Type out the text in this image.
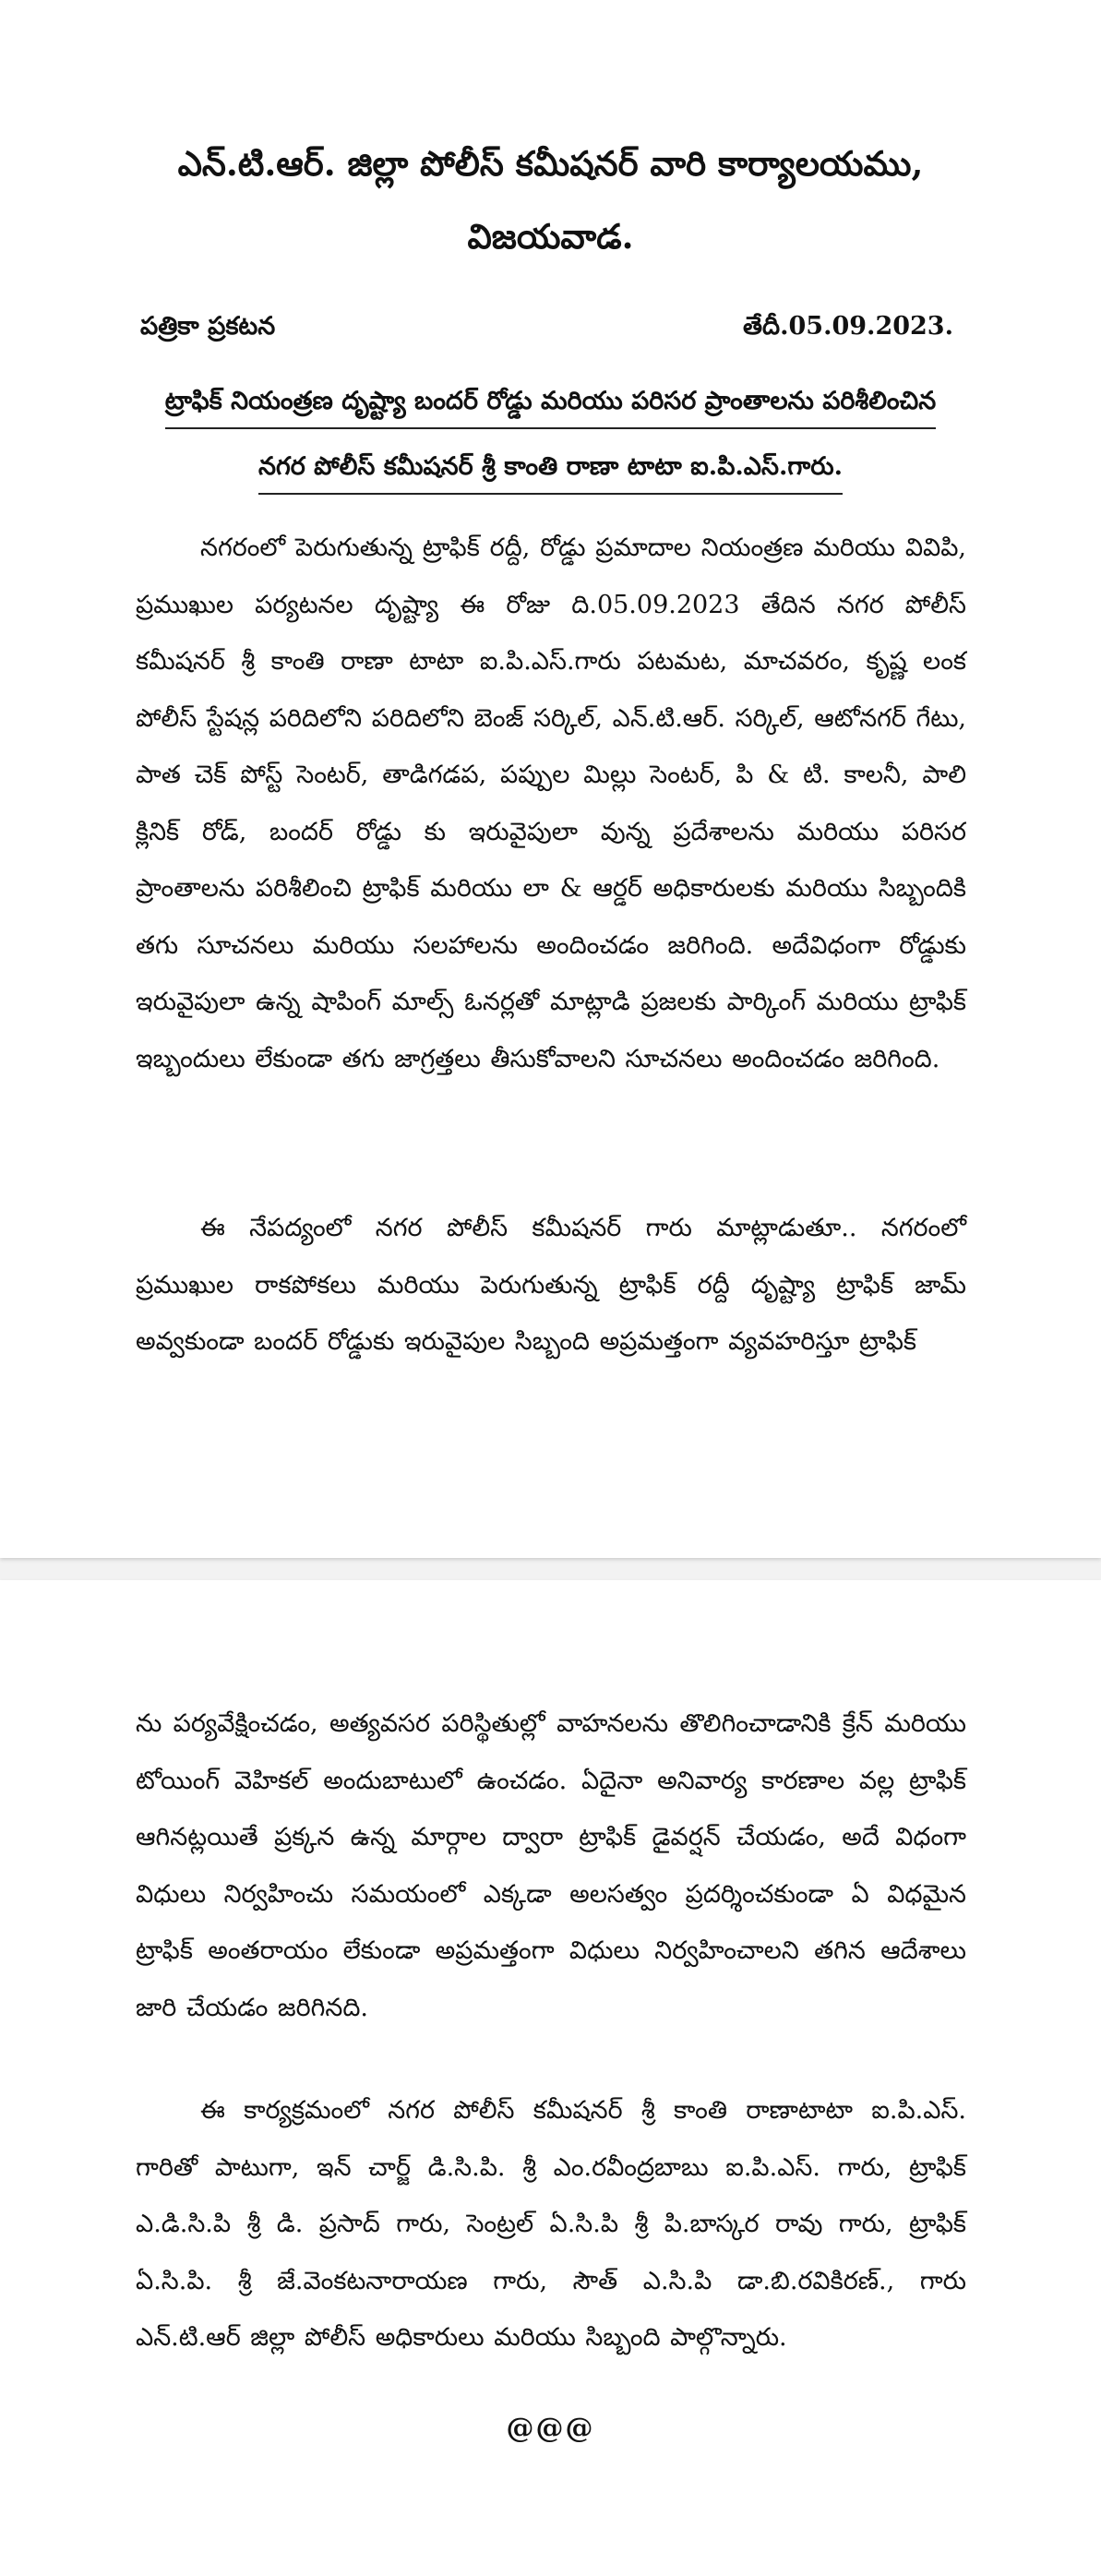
ఎన్.టి.ఆర్. జిల్లా పోలీస్ కమీషనర్ వారి కార్యాలయము,
విజయవాడ.
పత్రికా ప్రకటన	తేదీ.05.09.2023.
ట్రాఫిక్ నియంత్రణ దృష్ట్యా బందర్ రోడ్డు మరియు పరిసర ప్రాంతాలను పరిశీలించిన
నగర పోలీస్ కమీషనర్ శ్రీ కాంతి రాణా టాటా ఐ.పి.ఎస్.గారు.
నగరంలో పెరుగుతున్న ట్రాఫిక్ రద్దీ, రోడ్డు ప్రమాదాల నియంత్రణ మరియు వివిపి, ప్రముఖుల పర్యటనల దృష్ట్యా ఈ రోజు ది.05.09.2023 తేదిన నగర పోలీస్ కమీషనర్ శ్రీ కాంతి రాణా టాటా ఐ.పి.ఎస్.గారు పటమట, మాచవరం, కృష్ణ లంక పోలీస్ స్టేషన్ల పరిదిలోని పరిదిలోని బెంజ్ సర్కిల్, ఎన్.టి.ఆర్. సర్కిల్, ఆటోనగర్ గేటు, పాత చెక్ పోస్ట్ సెంటర్, తాడిగడప, పప్పుల మిల్లు సెంటర్, పి & టి. కాలనీ, పాలి క్లినిక్ రోడ్, బందర్ రోడ్డు కు ఇరువైపులా వున్న ప్రదేశాలను మరియు పరిసర ప్రాంతాలను పరిశీలించి ట్రాఫిక్ మరియు లా & ఆర్డర్ అధికారులకు మరియు సిబ్బందికి తగు సూచనలు మరియు సలహాలను అందించడం జరిగింది. అదేవిధంగా రోడ్డుకు ఇరువైపులా ఉన్న షాపింగ్ మాల్స్ ఓనర్లతో మాట్లాడి ప్రజలకు పార్కింగ్ మరియు ట్రాఫిక్ ఇబ్బందులు లేకుండా తగు జాగ్రత్తలు తీసుకోవాలని సూచనలు అందించడం జరిగింది.
ఈ నేపద్యంలో నగర పోలీస్ కమీషనర్ గారు మాట్లాడుతూ.. నగరంలో ప్రముఖుల రాకపోకలు మరియు పెరుగుతున్న ట్రాఫిక్ రద్దీ దృష్ట్యా ట్రాఫిక్ జామ్ అవ్వకుండా బందర్ రోడ్డుకు ఇరువైపుల సిబ్బంది అప్రమత్తంగా వ్యవహరిస్తూ ట్రాఫిక్
ను పర్యవేక్షించడం, అత్యవసర పరిస్థితుల్లో వాహనలను తొలిగించాడానికి క్రేన్ మరియు టోయింగ్ వెహికల్ అందుబాటులో ఉంచడం. ఏదైనా అనివార్య కారణాల వల్ల ట్రాఫిక్ ఆగినట్లయితే ప్రక్కన ఉన్న మార్గాల ద్వారా ట్రాఫిక్ డైవర్షన్ చేయడం, అదే విధంగా విధులు నిర్వహించు సమయంలో ఎక్కడా అలసత్వం ప్రదర్శించకుండా ఏ విధమైన ట్రాఫిక్ అంతరాయం లేకుండా అప్రమత్తంగా విధులు నిర్వహించాలని తగిన ఆదేశాలు జారి చేయడం జరిగినది.
ఈ కార్యక్రమంలో నగర పోలీస్ కమీషనర్ శ్రీ కాంతి రాణాటాటా ఐ.పి.ఎస్. గారితో పాటుగా, ఇన్ చార్జ్ డి.సి.పి. శ్రీ ఎం.రవీంద్రబాబు ఐ.పి.ఎస్. గారు, ట్రాఫిక్ ఎ.డి.సి.పి శ్రీ డి. ప్రసాద్ గారు, సెంట్రల్ ఏ.సి.పి శ్రీ పి.బాస్కర రావు గారు, ట్రాఫిక్ ఏ.సి.పి. శ్రీ జే.వెంకటనారాయణ గారు, సౌత్ ఎ.సి.పి డా.బి.రవికిరణ్., గారు ఎన్.టి.ఆర్ జిల్లా పోలీస్ అధికారులు మరియు సిబ్బంది పాల్గొన్నారు.
@@@
